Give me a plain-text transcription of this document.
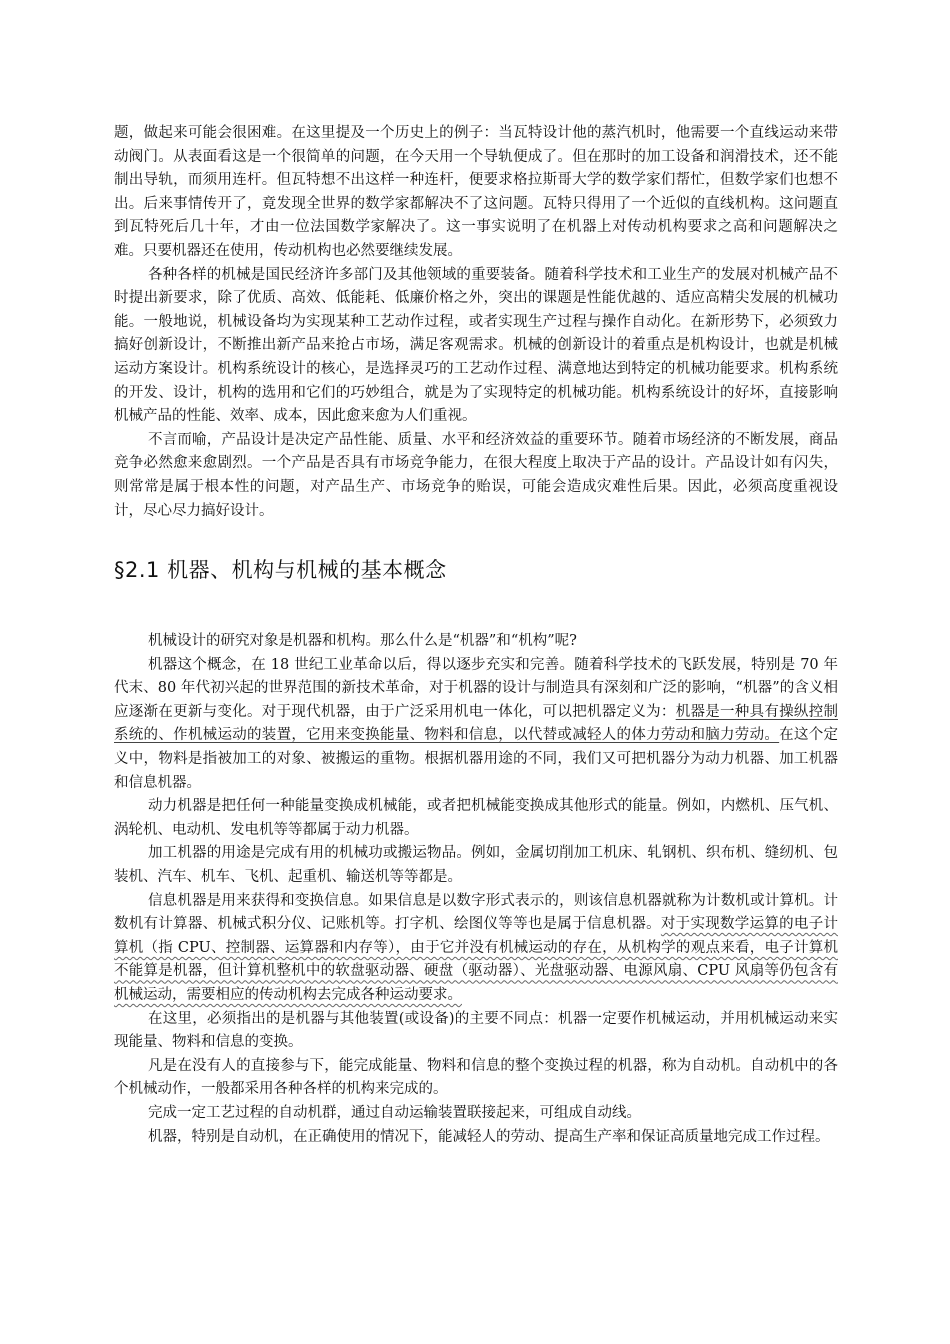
题，做起来可能会很困难。在这里提及一个历史上的例子：当瓦特设计他的蒸汽机时，他需要一个直线运动来带动阀门。从表面看这是一个很简单的问题，在今天用一个导轨便成了。但在那时的加工设备和润滑技术，还不能制出导轨，而须用连杆。但瓦特想不出这样一种连杆，便要求格拉斯哥大学的数学家们帮忙，但数学家们也想不出。后来事情传开了，竟发现全世界的数学家都解决不了这问题。瓦特只得用了一个近似的直线机构。这问题直到瓦特死后几十年，才由一位法国数学家解决了。这一事实说明了在机器上对传动机构要求之高和问题解决之难。只要机器还在使用，传动机构也必然要继续发展。

各种各样的机械是国民经济许多部门及其他领域的重要装备。随着科学技术和工业生产的发展对机械产品不时提出新要求，除了优质、高效、低能耗、低廉价格之外，突出的课题是性能优越的、适应高精尖发展的机械功能。一般地说，机械设备均为实现某种工艺动作过程，或者实现生产过程与操作自动化。在新形势下，必须致力搞好创新设计，不断推出新产品来抢占市场，满足客观需求。机械的创新设计的着重点是机构设计，也就是机械运动方案设计。机构系统设计的核心，是选择灵巧的工艺动作过程、满意地达到特定的机械功能要求。机构系统的开发、设计，机构的选用和它们的巧妙组合，就是为了实现特定的机械功能。机构系统设计的好坏，直接影响机械产品的性能、效率、成本，因此愈来愈为人们重视。

不言而喻，产品设计是决定产品性能、质量、水平和经济效益的重要环节。随着市场经济的不断发展，商品竞争必然愈来愈剧烈。一个产品是否具有市场竞争能力，在很大程度上取决于产品的设计。产品设计如有闪失，则常常是属于根本性的问题，对产品生产、市场竞争的贻误，可能会造成灾难性后果。因此，必须高度重视设计，尽心尽力搞好设计。

§2.1 机器、机构与机械的基本概念

机械设计的研究对象是机器和机构。那么什么是“机器”和“机构”呢?

机器这个概念，在 18 世纪工业革命以后，得以逐步充实和完善。随着科学技术的飞跃发展，特别是 70 年代末、80 年代初兴起的世界范围的新技术革命，对于机器的设计与制造具有深刻和广泛的影响，“机器”的含义相应逐渐在更新与变化。对于现代机器，由于广泛采用机电一体化，可以把机器定义为：机器是一种具有操纵控制系统的、作机械运动的装置，它用来变换能量、物料和信息，以代替或减轻人的体力劳动和脑力劳动。在这个定义中，物料是指被加工的对象、被搬运的重物。根据机器用途的不同，我们又可把机器分为动力机器、加工机器和信息机器。

动力机器是把任何一种能量变换成机械能，或者把机械能变换成其他形式的能量。例如，内燃机、压气机、涡轮机、电动机、发电机等等都属于动力机器。

加工机器的用途是完成有用的机械功或搬运物品。例如，金属切削加工机床、轧钢机、织布机、缝纫机、包装机、汽车、机车、飞机、起重机、输送机等等都是。

信息机器是用来获得和变换信息。如果信息是以数字形式表示的，则该信息机器就称为计数机或计算机。计数机有计算器、机械式积分仪、记账机等。打字机、绘图仪等等也是属于信息机器。对于实现数学运算的电子计算机（指 CPU、控制器、运算器和内存等），由于它并没有机械运动的存在，从机构学的观点来看，电子计算机不能算是机器，但计算机整机中的软盘驱动器、硬盘（驱动器）、光盘驱动器、电源风扇、CPU 风扇等仍包含有机械运动，需要相应的传动机构去完成各种运动要求。

在这里，必须指出的是机器与其他装置(或设备)的主要不同点：机器一定要作机械运动，并用机械运动来实现能量、物料和信息的变换。

凡是在没有人的直接参与下，能完成能量、物料和信息的整个变换过程的机器，称为自动机。自动机中的各个机械动作，一般都采用各种各样的机构来完成的。

完成一定工艺过程的自动机群，通过自动运输装置联接起来，可组成自动线。

机器，特别是自动机，在正确使用的情况下，能减轻人的劳动、提高生产率和保证高质量地完成工作过程。
